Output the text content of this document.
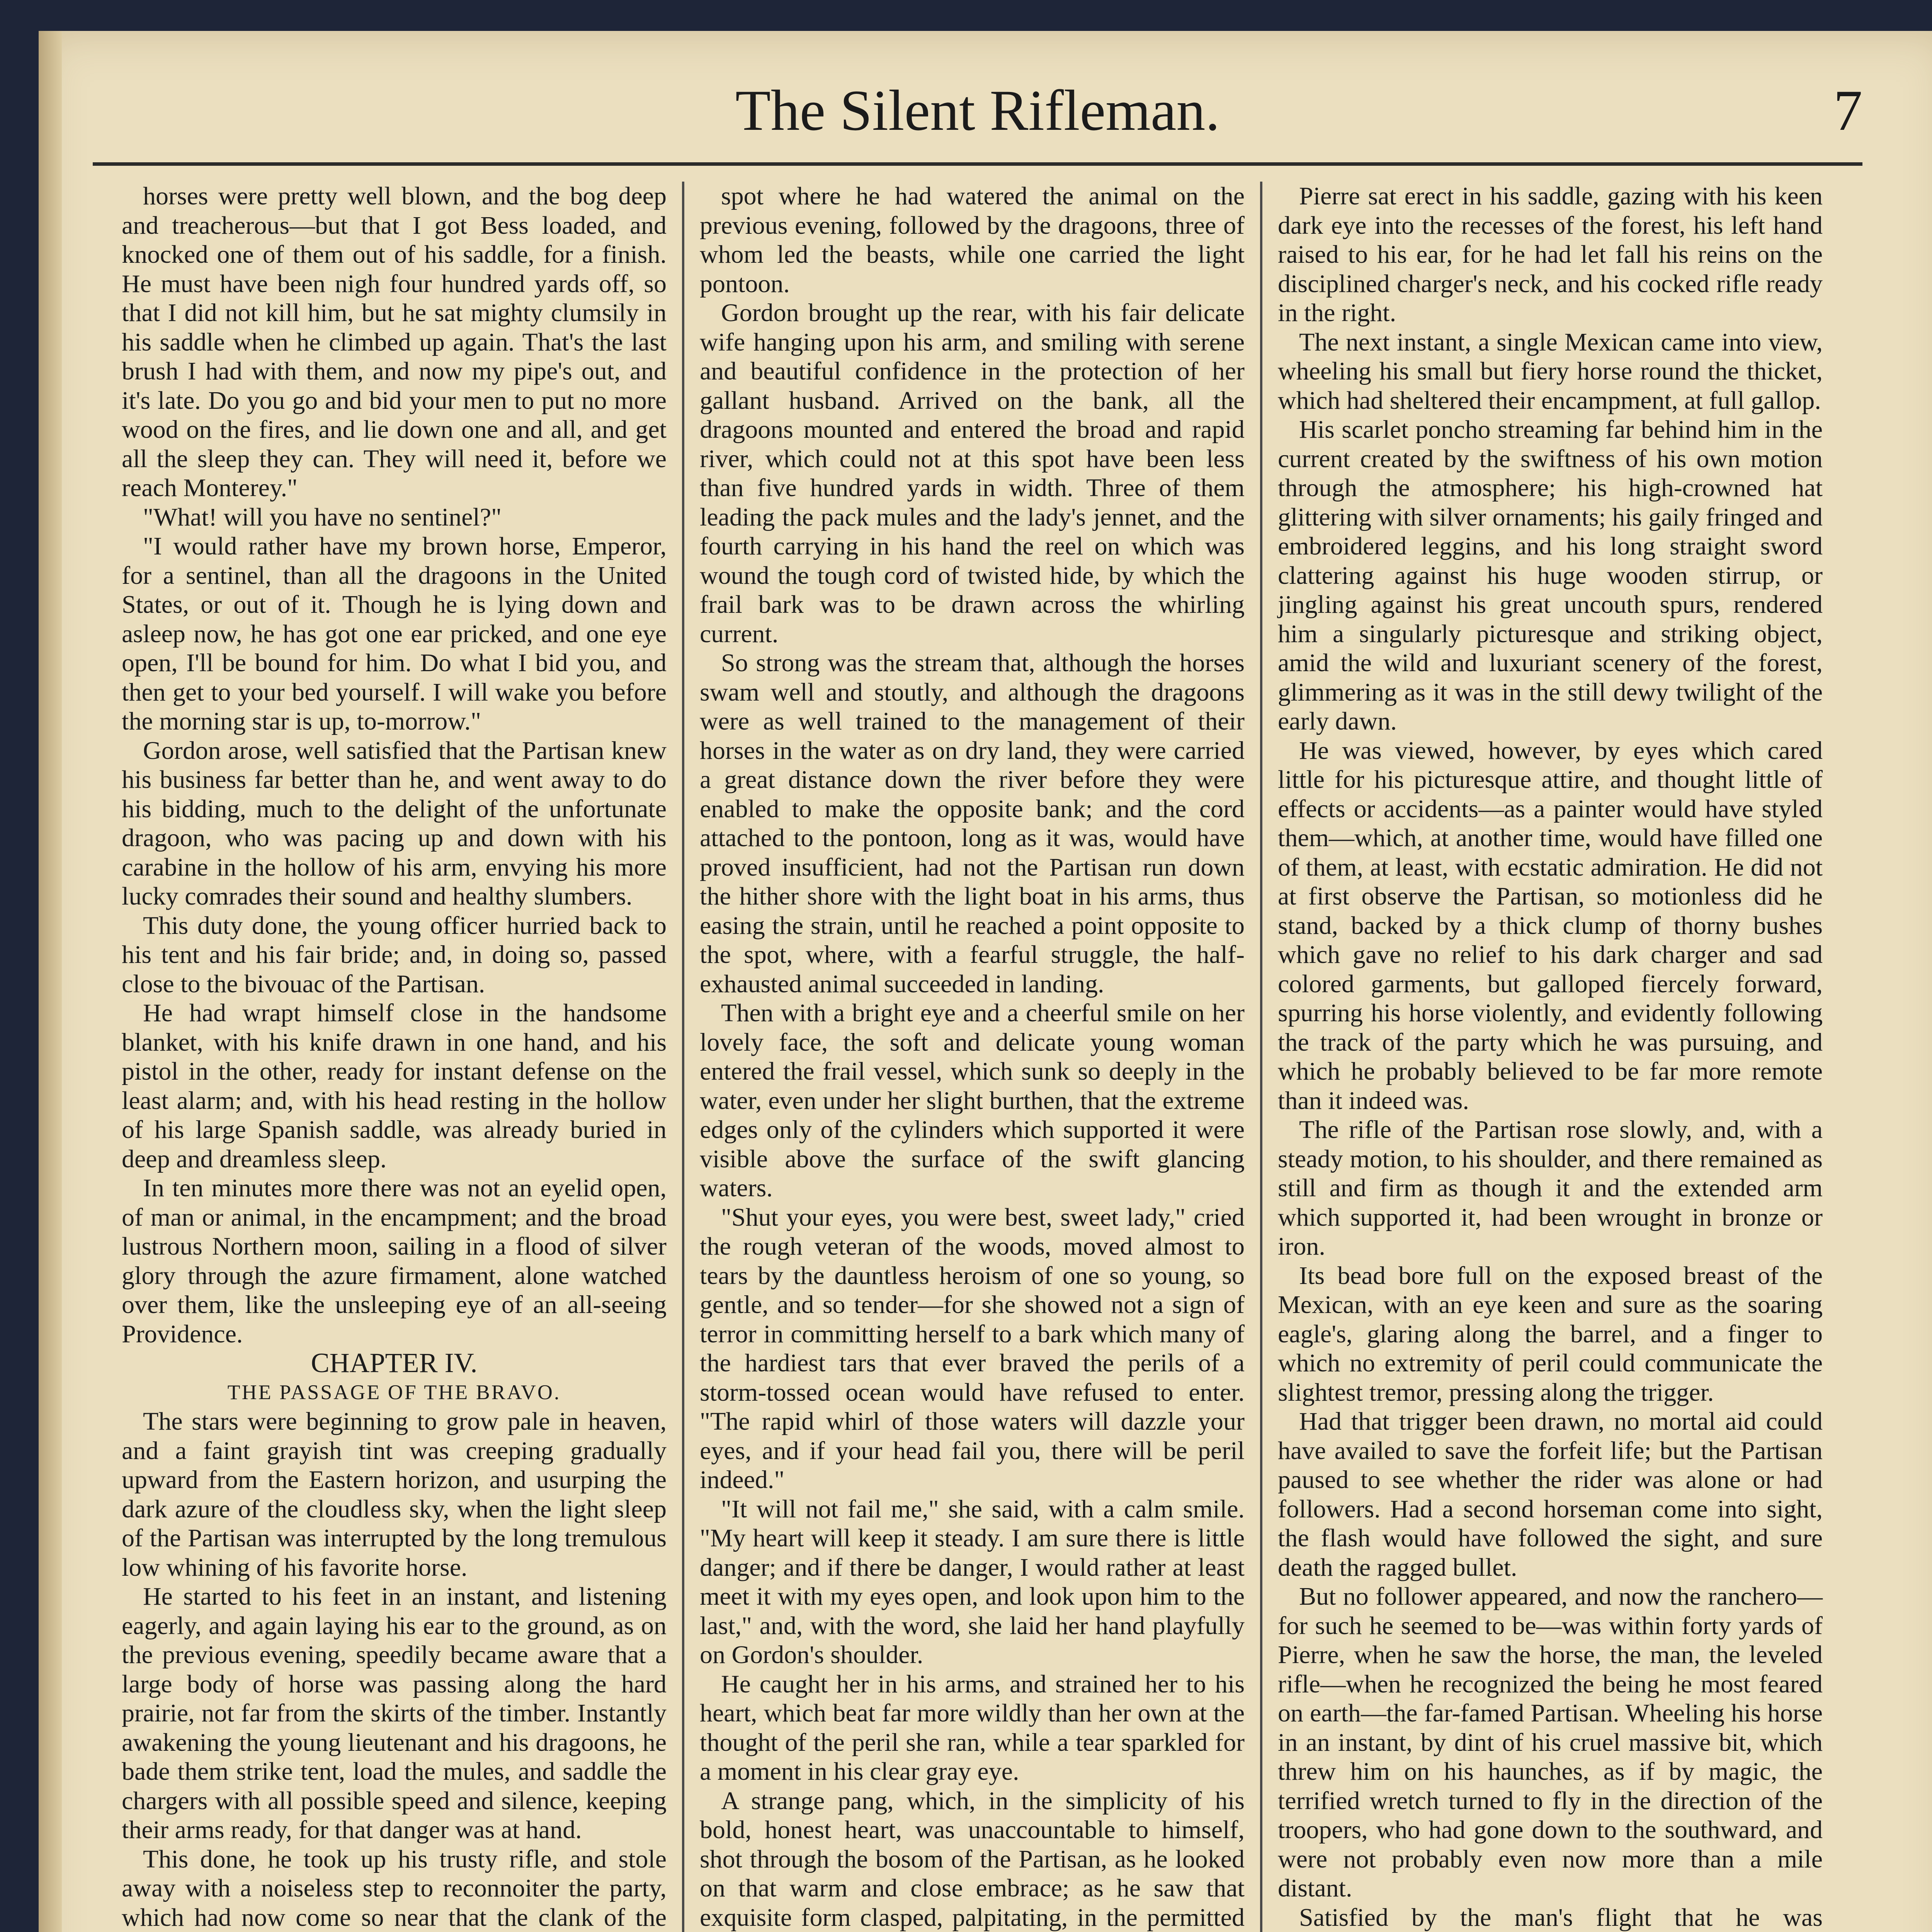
The Silent Rifleman.	7

horses were pretty well blown, and the bog deep and treacherous—but that I got Bess loaded, and knocked one of them out of his saddle, for a finish. He must have been nigh four hundred yards off, so that I did not kill him, but he sat mighty clumsily in his saddle when he climbed up again. That's the last brush I had with them, and now my pipe's out, and it's late. Do you go and bid your men to put no more wood on the fires, and lie down one and all, and get all the sleep they can. They will need it, before we reach Monterey."

"What! will you have no sentinel?"

"I would rather have my brown horse, Emperor, for a sentinel, than all the dragoons in the United States, or out of it. Though he is lying down and asleep now, he has got one ear pricked, and one eye open, I'll be bound for him. Do what I bid you, and then get to your bed yourself. I will wake you before the morning star is up, to-morrow."

Gordon arose, well satisfied that the Partisan knew his business far better than he, and went away to do his bidding, much to the delight of the unfortunate dragoon, who was pacing up and down with his carabine in the hollow of his arm, envying his more lucky comrades their sound and healthy slumbers.

This duty done, the young officer hurried back to his tent and his fair bride; and, in doing so, passed close to the bivouac of the Partisan.

He had wrapt himself close in the handsome blanket, with his knife drawn in one hand, and his pistol in the other, ready for instant defense on the least alarm; and, with his head resting in the hollow of his large Spanish saddle, was already buried in deep and dreamless sleep.

In ten minutes more there was not an eyelid open, of man or animal, in the encampment; and the broad lustrous Northern moon, sailing in a flood of silver glory through the azure firmament, alone watched over them, like the unsleeping eye of an all-seeing Providence.

CHAPTER IV.

THE PASSAGE OF THE BRAVO.

The stars were beginning to grow pale in heaven, and a faint grayish tint was creeping gradually upward from the Eastern horizon, and usurping the dark azure of the cloudless sky, when the light sleep of the Partisan was interrupted by the long tremulous low whining of his favorite horse.

He started to his feet in an instant, and listening eagerly, and again laying his ear to the ground, as on the previous evening, speedily became aware that a large body of horse was passing along the hard prairie, not far from the skirts of the timber. Instantly awakening the young lieutenant and his dragoons, he bade them strike tent, load the mules, and saddle the chargers with all possible speed and silence, keeping their arms ready, for that danger was at hand.

This done, he took up his trusty rifle, and stole away with a noiseless step to reconnoiter the party, which had now come so near that the clank of the

spot where he had watered the animal on the previous evening, followed by the dragoons, three of whom led the beasts, while one carried the light pontoon.

Gordon brought up the rear, with his fair delicate wife hanging upon his arm, and smiling with serene and beautiful confidence in the protection of her gallant husband. Arrived on the bank, all the dragoons mounted and entered the broad and rapid river, which could not at this spot have been less than five hundred yards in width. Three of them leading the pack mules and the lady's jennet, and the fourth carrying in his hand the reel on which was wound the tough cord of twisted hide, by which the frail bark was to be drawn across the whirling current.

So strong was the stream that, although the horses swam well and stoutly, and although the dragoons were as well trained to the management of their horses in the water as on dry land, they were carried a great distance down the river before they were enabled to make the opposite bank; and the cord attached to the pontoon, long as it was, would have proved insufficient, had not the Partisan run down the hither shore with the light boat in his arms, thus easing the strain, until he reached a point opposite to the spot, where, with a fearful struggle, the half-exhausted animal succeeded in landing.

Then with a bright eye and a cheerful smile on her lovely face, the soft and delicate young woman entered the frail vessel, which sunk so deeply in the water, even under her slight burthen, that the extreme edges only of the cylinders which supported it were visible above the surface of the swift glancing waters.

"Shut your eyes, you were best, sweet lady," cried the rough veteran of the woods, moved almost to tears by the dauntless heroism of one so young, so gentle, and so tender—for she showed not a sign of terror in committing herself to a bark which many of the hardiest tars that ever braved the perils of a storm-tossed ocean would have refused to enter. "The rapid whirl of those waters will dazzle your eyes, and if your head fail you, there will be peril indeed."

"It will not fail me," she said, with a calm smile. "My heart will keep it steady. I am sure there is little danger; and if there be danger, I would rather at least meet it with my eyes open, and look upon him to the last," and, with the word, she laid her hand playfully on Gordon's shoulder.

He caught her in his arms, and strained her to his heart, which beat far more wildly than her own at the thought of the peril she ran, while a tear sparkled for a moment in his clear gray eye.

A strange pang, which, in the simplicity of his bold, honest heart, was unaccountable to himself, shot through the bosom of the Partisan, as he looked on that warm and close embrace; as he saw that exquisite form clasped, palpitating, in the permitted

Pierre sat erect in his saddle, gazing with his keen dark eye into the recesses of the forest, his left hand raised to his ear, for he had let fall his reins on the disciplined charger's neck, and his cocked rifle ready in the right.

The next instant, a single Mexican came into view, wheeling his small but fiery horse round the thicket, which had sheltered their encampment, at full gallop.

His scarlet poncho streaming far behind him in the current created by the swiftness of his own motion through the atmosphere; his high-crowned hat glittering with silver ornaments; his gaily fringed and embroidered leggins, and his long straight sword clattering against his huge wooden stirrup, or jingling against his great uncouth spurs, rendered him a singularly picturesque and striking object, amid the wild and luxuriant scenery of the forest, glimmering as it was in the still dewy twilight of the early dawn.

He was viewed, however, by eyes which cared little for his picturesque attire, and thought little of effects or accidents—as a painter would have styled them—which, at another time, would have filled one of them, at least, with ecstatic admiration. He did not at first observe the Partisan, so motionless did he stand, backed by a thick clump of thorny bushes which gave no relief to his dark charger and sad colored garments, but galloped fiercely forward, spurring his horse violently, and evidently following the track of the party which he was pursuing, and which he probably believed to be far more remote than it indeed was.

The rifle of the Partisan rose slowly, and, with a steady motion, to his shoulder, and there remained as still and firm as though it and the extended arm which supported it, had been wrought in bronze or iron.

Its bead bore full on the exposed breast of the Mexican, with an eye keen and sure as the soaring eagle's, glaring along the barrel, and a finger to which no extremity of peril could communicate the slightest tremor, pressing along the trigger.

Had that trigger been drawn, no mortal aid could have availed to save the forfeit life; but the Partisan paused to see whether the rider was alone or had followers. Had a second horseman come into sight, the flash would have followed the sight, and sure death the ragged bullet.

But no follower appeared, and now the ranchero—for such he seemed to be—was within forty yards of Pierre, when he saw the horse, the man, the leveled rifle—when he recognized the being he most feared on earth—the far-famed Partisan. Wheeling his horse in an instant, by dint of his cruel massive bit, which threw him on his haunches, as if by magic, the terrified wretch turned to fly in the direction of the troopers, who had gone down to the southward, and were not probably even now more than a mile distant.

Satisfied by the man's flight that he was
